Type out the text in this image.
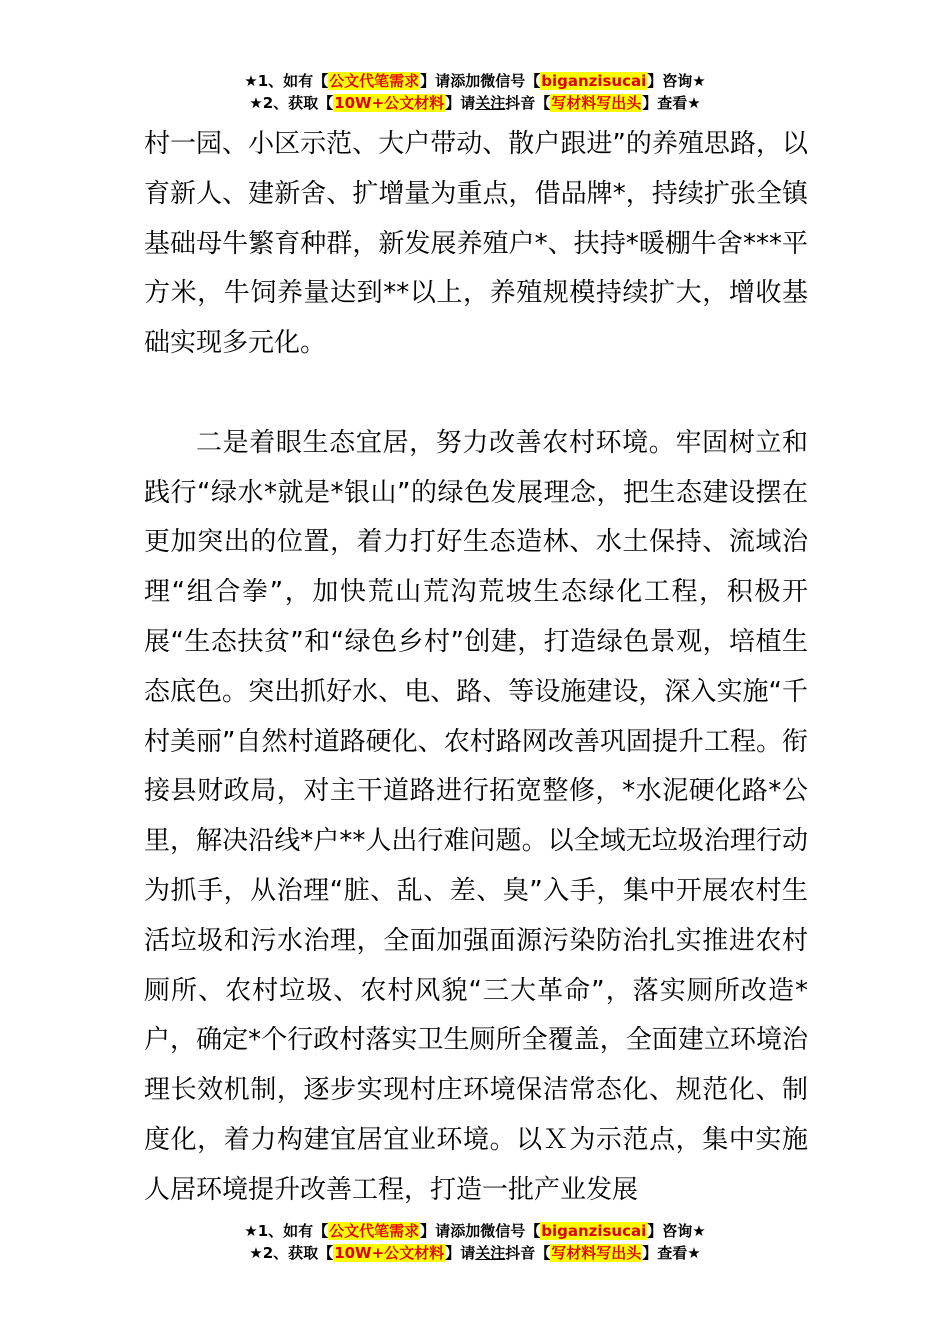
★1、如有【公文代笔需求】请添加微信号【biganzisucai】咨询★
★2、获取【10W+公文材料】请关注抖音【写材料写出头】查看★

村一园、小区示范、大户带动、散户跟进”的养殖思路，以育新人、建新舍、扩增量为重点，借品牌*，持续扩张全镇基础母牛繁育种群，新发展养殖户*、扶持*暖棚牛舍***平方米，牛饲养量达到**以上，养殖规模持续扩大，增收基础实现多元化。

二是着眼生态宜居，努力改善农村环境。牢固树立和践行“绿水*就是*银山”的绿色发展理念，把生态建设摆在更加突出的位置，着力打好生态造林、水土保持、流域治理“组合拳”，加快荒山荒沟荒坡生态绿化工程，积极开展“生态扶贫”和“绿色乡村”创建，打造绿色景观，培植生态底色。突出抓好水、电、路、等设施建设，深入实施“千村美丽”自然村道路硬化、农村路网改善巩固提升工程。衔接县财政局，对主干道路进行拓宽整修，*水泥硬化路*公里，解决沿线*户**人出行难问题。以全域无垃圾治理行动为抓手，从治理“脏、乱、差、臭”入手，集中开展农村生活垃圾和污水治理，全面加强面源污染防治扎实推进农村厕所、农村垃圾、农村风貌“三大革命”，落实厕所改造*户，确定*个行政村落实卫生厕所全覆盖，全面建立环境治理长效机制，逐步实现村庄环境保洁常态化、规范化、制度化，着力构建宜居宜业环境。以Ｘ为示范点，集中实施人居环境提升改善工程，打造一批产业发展

★1、如有【公文代笔需求】请添加微信号【biganzisucai】咨询★
★2、获取【10W+公文材料】请关注抖音【写材料写出头】查看★
